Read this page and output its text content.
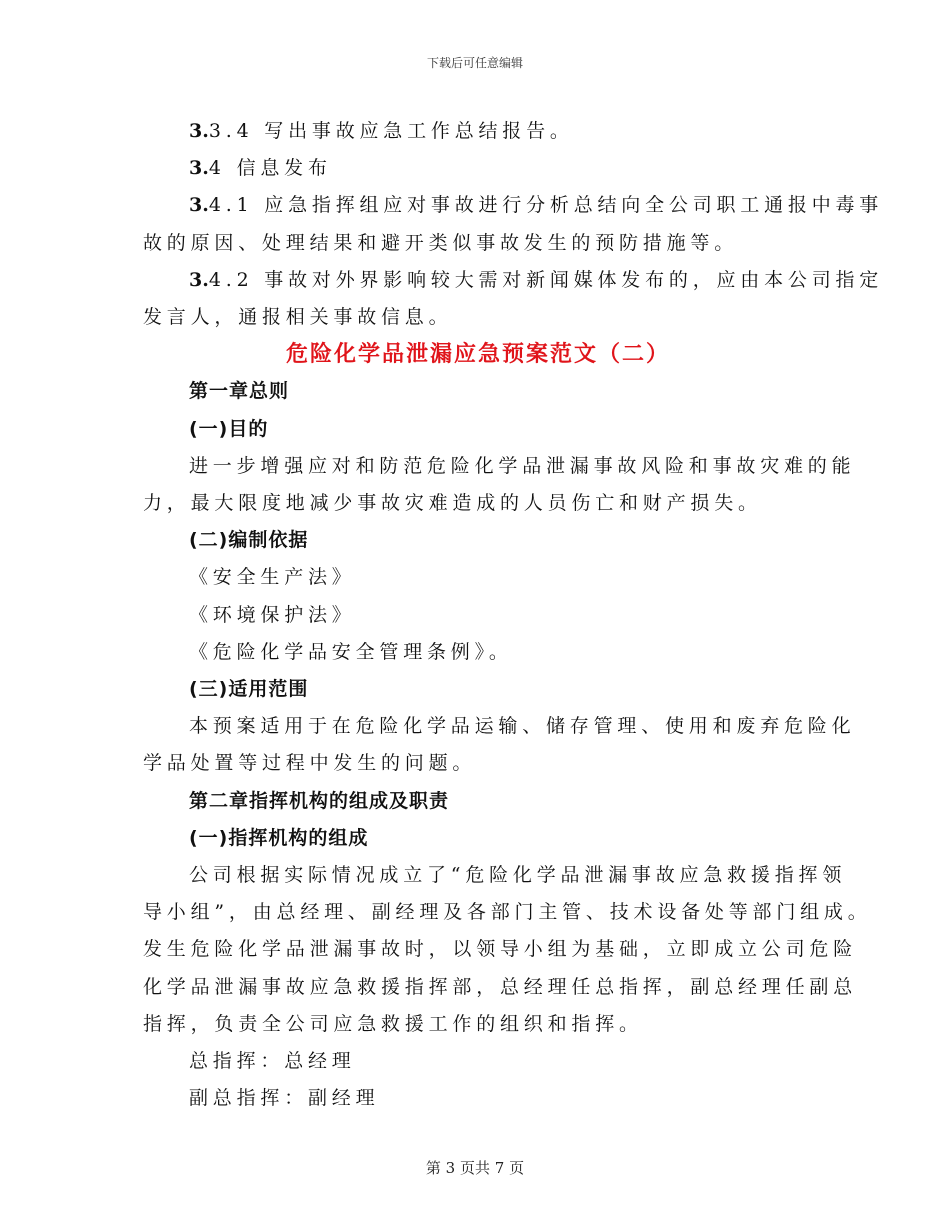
下载后可任意编辑

3.3.4 写出事故应急工作总结报告。

3.4 信息发布

3.4.1 应急指挥组应对事故进行分析总结向全公司职工通报中毒事

故的原因、处理结果和避开类似事故发生的预防措施等。

3.4.2 事故对外界影响较大需对新闻媒体发布的，应由本公司指定

发言人，通报相关事故信息。

危险化学品泄漏应急预案范文（二）

第一章总则

(一)目的

进一步增强应对和防范危险化学品泄漏事故风险和事故灾难的能

力，最大限度地减少事故灾难造成的人员伤亡和财产损失。

(二)编制依据

《安全生产法》

《环境保护法》

《危险化学品安全管理条例》。

(三)适用范围

本预案适用于在危险化学品运输、储存管理、使用和废弃危险化

学品处置等过程中发生的问题。

第二章指挥机构的组成及职责

(一)指挥机构的组成

公司根据实际情况成立了“危险化学品泄漏事故应急救援指挥领

导小组”，由总经理、副经理及各部门主管、技术设备处等部门组成。

发生危险化学品泄漏事故时，以领导小组为基础，立即成立公司危险

化学品泄漏事故应急救援指挥部，总经理任总指挥，副总经理任副总

指挥，负责全公司应急救援工作的组织和指挥。

总指挥：总经理

副总指挥：副经理

第 3 页共 7 页
